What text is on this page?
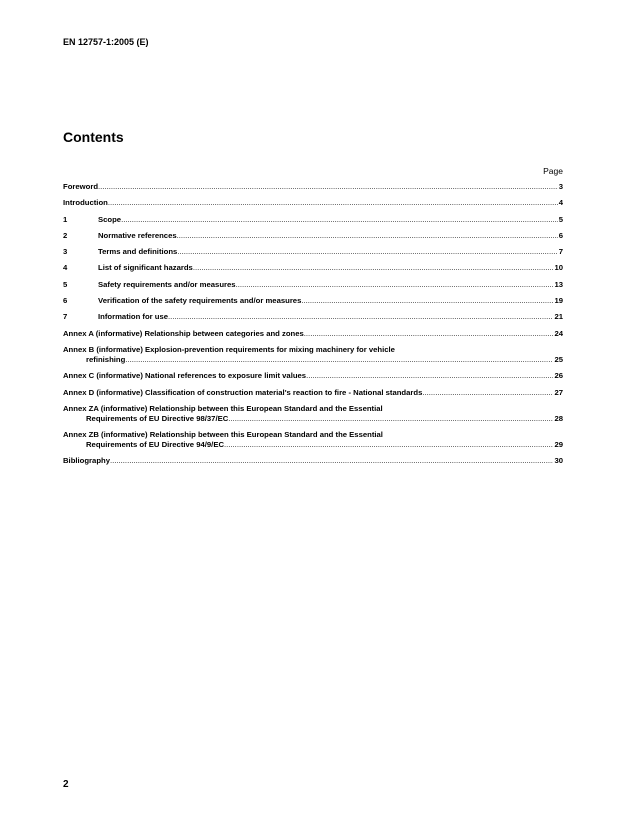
EN 12757-1:2005 (E)
Contents
Page
Foreword .....	3
Introduction .....	4
1	Scope .....	5
2	Normative references .....	6
3	Terms and definitions .....	7
4	List of significant hazards .....	10
5	Safety requirements and/or measures .....	13
6	Verification of the safety requirements and/or measures .....	19
7	Information for use .....	21
Annex A (informative) Relationship between categories and zones .....	24
Annex B (informative) Explosion-prevention requirements for mixing machinery for vehicle
refinishing .....	25
Annex C (informative) National references to exposure limit values .....	26
Annex D (informative) Classification of construction material's reaction to fire - National standards .....	27
Annex ZA (informative) Relationship between this European Standard and the Essential
Requirements of EU Directive 98/37/EC .....	28
Annex ZB (informative) Relationship between this European Standard and the Essential
Requirements of EU Directive 94/9/EC .....	29
Bibliography .....	30
2
